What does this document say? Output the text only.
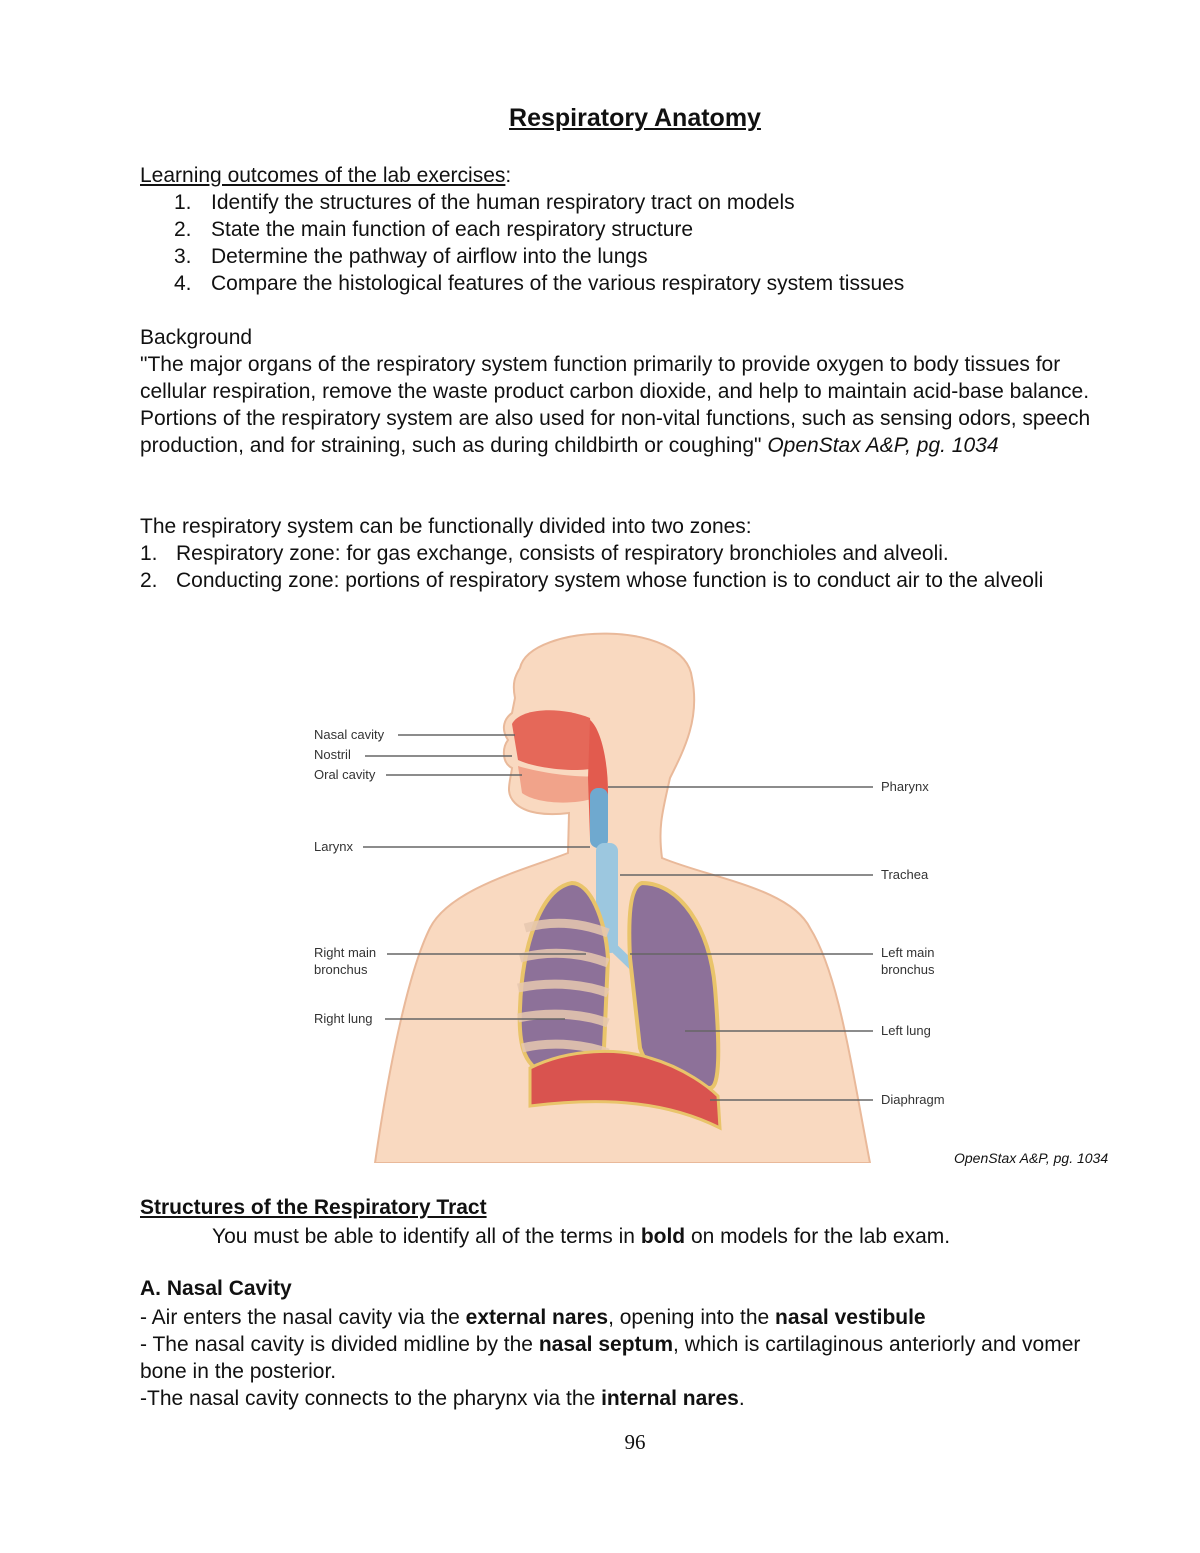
Respiratory Anatomy
Learning outcomes of the lab exercises:
1. Identify the structures of the human respiratory tract on models
2. State the main function of each respiratory structure
3. Determine the pathway of airflow into the lungs
4. Compare the histological features of the various respiratory system tissues
Background
"The major organs of the respiratory system function primarily to provide oxygen to body tissues for cellular respiration, remove the waste product carbon dioxide, and help to maintain acid-base balance. Portions of the respiratory system are also used for non-vital functions, such as sensing odors, speech production, and for straining, such as during childbirth or coughing" OpenStax A&P, pg. 1034
The respiratory system can be functionally divided into two zones:
1. Respiratory zone: for gas exchange, consists of respiratory bronchioles and alveoli.
2. Conducting zone: portions of respiratory system whose function is to conduct air to the alveoli
Nasal cavity
Nostril
Oral cavity
Larynx
Right main
bronchus
Right lung
Pharynx
Trachea
Left main
bronchus
Left lung
Diaphragm
OpenStax A&P, pg. 1034
Structures of the Respiratory Tract
You must be able to identify all of the terms in bold on models for the lab exam.
A. Nasal Cavity
- Air enters the nasal cavity via the external nares, opening into the nasal vestibule
- The nasal cavity is divided midline by the nasal septum, which is cartilaginous anteriorly and vomer bone in the posterior.
-The nasal cavity connects to the pharynx via the internal nares.
96
